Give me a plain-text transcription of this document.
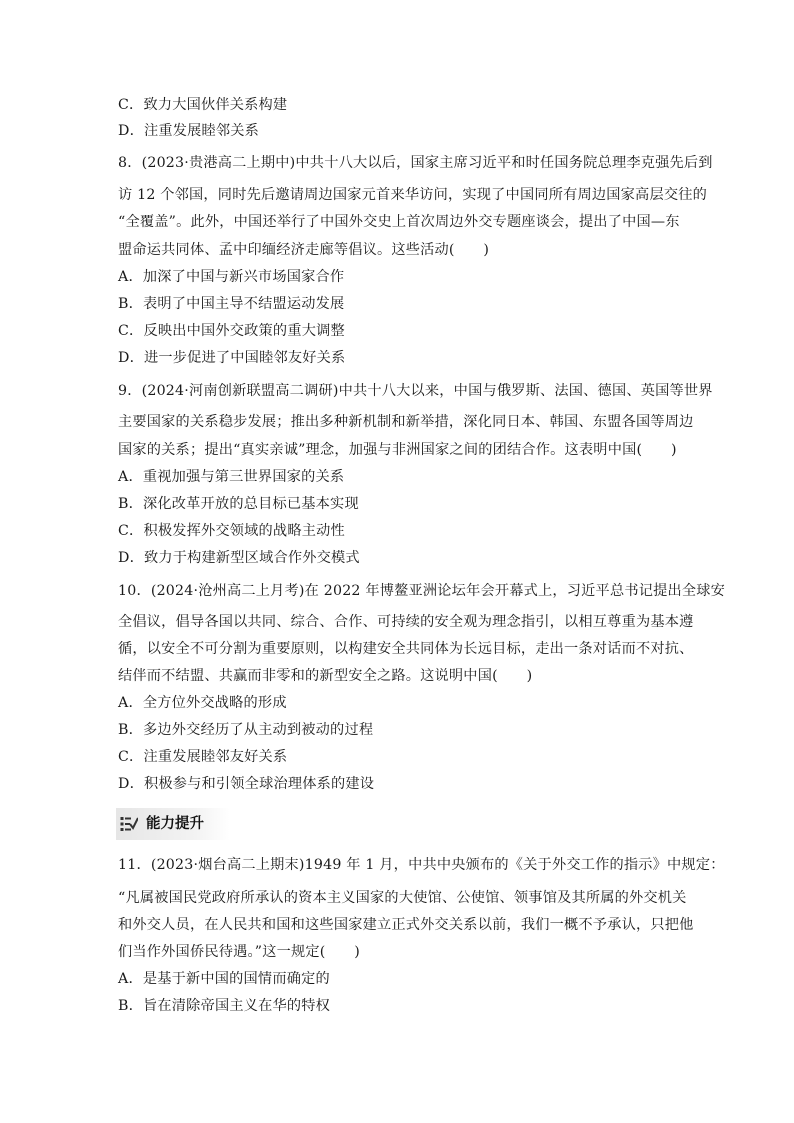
C．致力大国伙伴关系构建
D．注重发展睦邻关系
8．(2023·贵港高二上期中)中共十八大以后，国家主席习近平和时任国务院总理李克强先后到
访 12 个邻国，同时先后邀请周边国家元首来华访问，实现了中国同所有周边国家高层交往的
“全覆盖”。此外，中国还举行了中国外交史上首次周边外交专题座谈会，提出了中国—东
盟命运共同体、孟中印缅经济走廊等倡议。这些活动(　　)
A．加深了中国与新兴市场国家合作
B．表明了中国主导不结盟运动发展
C．反映出中国外交政策的重大调整
D．进一步促进了中国睦邻友好关系
9．(2024·河南创新联盟高二调研)中共十八大以来，中国与俄罗斯、法国、德国、英国等世界
主要国家的关系稳步发展；推出多种新机制和新举措，深化同日本、韩国、东盟各国等周边
国家的关系；提出“真实亲诚”理念，加强与非洲国家之间的团结合作。这表明中国(　　)
A．重视加强与第三世界国家的关系
B．深化改革开放的总目标已基本实现
C．积极发挥外交领域的战略主动性
D．致力于构建新型区域合作外交模式
10．(2024·沧州高二上月考)在 2022 年博鳌亚洲论坛年会开幕式上，习近平总书记提出全球安
全倡议，倡导各国以共同、综合、合作、可持续的安全观为理念指引，以相互尊重为基本遵
循，以安全不可分割为重要原则，以构建安全共同体为长远目标，走出一条对话而不对抗、
结伴而不结盟、共赢而非零和的新型安全之路。这说明中国(　　)
A．全方位外交战略的形成
B．多边外交经历了从主动到被动的过程
C．注重发展睦邻友好关系
D．积极参与和引领全球治理体系的建设
能力提升
11．(2023·烟台高二上期末)1949 年 1 月，中共中央颁布的《关于外交工作的指示》中规定：
“凡属被国民党政府所承认的资本主义国家的大使馆、公使馆、领事馆及其所属的外交机关
和外交人员，在人民共和国和这些国家建立正式外交关系以前，我们一概不予承认，只把他
们当作外国侨民待遇。”这一规定(　　)
A．是基于新中国的国情而确定的
B．旨在清除帝国主义在华的特权
